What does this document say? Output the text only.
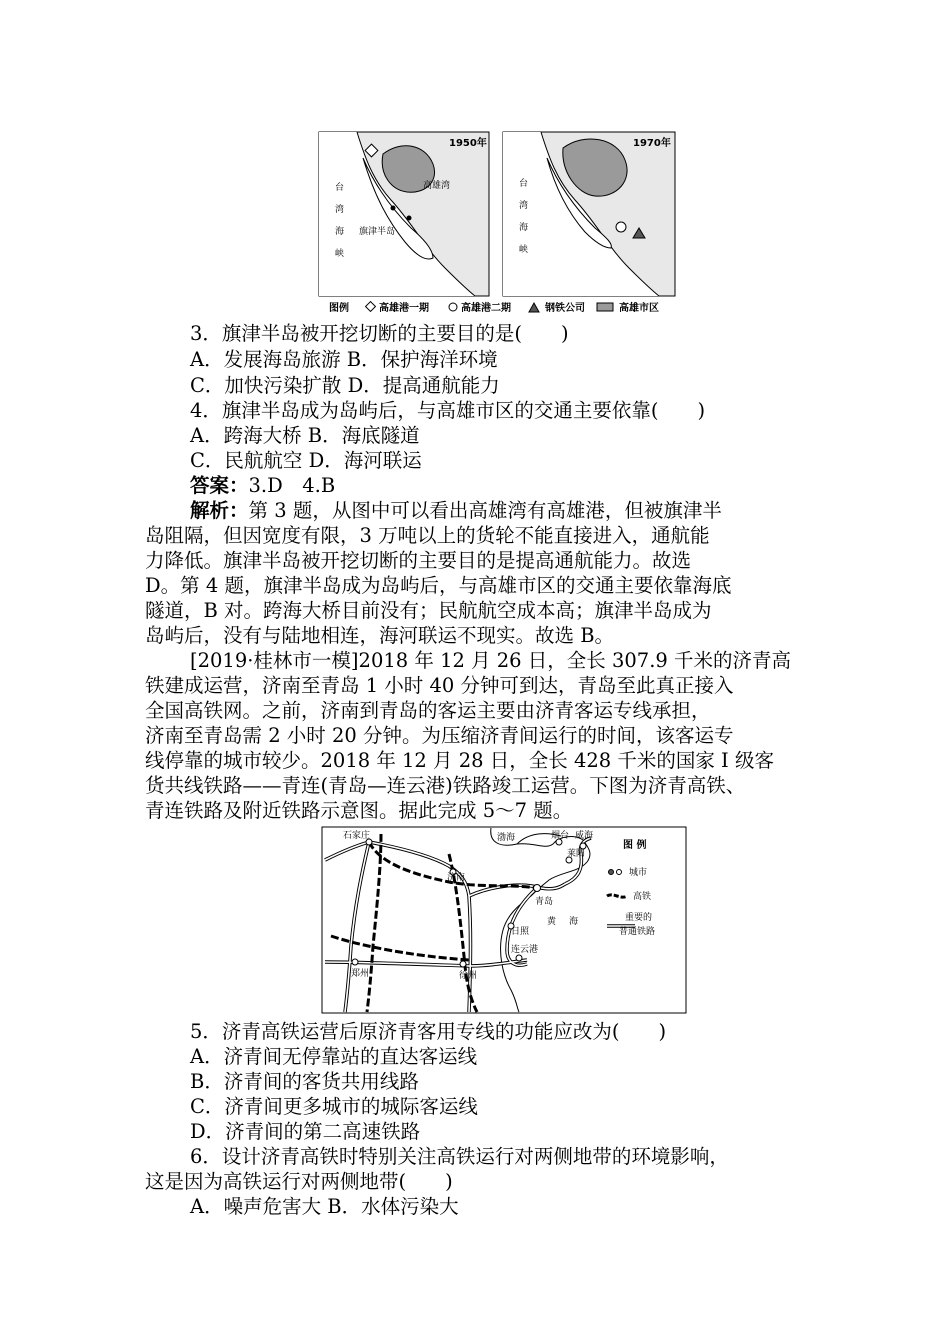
1950年	1970年
台
湾
海
峡
台
湾
海
峡
高雄湾
旗津半岛
图例	高雄港一期	高雄港二期	钢铁公司	高雄市区
3．旗津半岛被开挖切断的主要目的是(　　)
A．发展海岛旅游 B．保护海洋环境
C．加快污染扩散 D．提高通航能力
4．旗津半岛成为岛屿后，与高雄市区的交通主要依靠(　　)
A．跨海大桥 B．海底隧道
C．民航航空 D．海河联运
答案：3.D　4.B
解析：第 3 题，从图中可以看出高雄湾有高雄港，但被旗津半
岛阻隔，但因宽度有限，3 万吨以上的货轮不能直接进入，通航能
力降低。旗津半岛被开挖切断的主要目的是提高通航能力。故选
D。第 4 题，旗津半岛成为岛屿后，与高雄市区的交通主要依靠海底
隧道，B 对。跨海大桥目前没有；民航航空成本高；旗津半岛成为
岛屿后，没有与陆地相连，海河联运不现实。故选 B。
[2019·桂林市一模]2018 年 12 月 26 日，全长 307.9 千米的济青高
铁建成运营，济南至青岛 1 小时 40 分钟可到达，青岛至此真正接入
全国高铁网。之前，济南到青岛的客运主要由济青客运专线承担，
济南至青岛需 2 小时 20 分钟。为压缩济青间运行的时间，该客运专
线停靠的城市较少。2018 年 12 月 28 日，全长 428 千米的国家 I 级客
货共线铁路——青连(青岛—连云港)铁路竣工运营。下图为济青高铁、
青连铁路及附近铁路示意图。据此完成 5～7 题。
石家庄
济南
青岛
日照
连云港
郑州	徐州
烟台 威海
莱阳
渤海
黄 海
图 例
城市
高铁
重要的
普通铁路
5．济青高铁运营后原济青客用专线的功能应改为(　　)
A．济青间无停靠站的直达客运线
B．济青间的客货共用线路
C．济青间更多城市的城际客运线
D．济青间的第二高速铁路
6．设计济青高铁时特别关注高铁运行对两侧地带的环境影响，
这是因为高铁运行对两侧地带(　　)
A．噪声危害大 B．水体污染大
